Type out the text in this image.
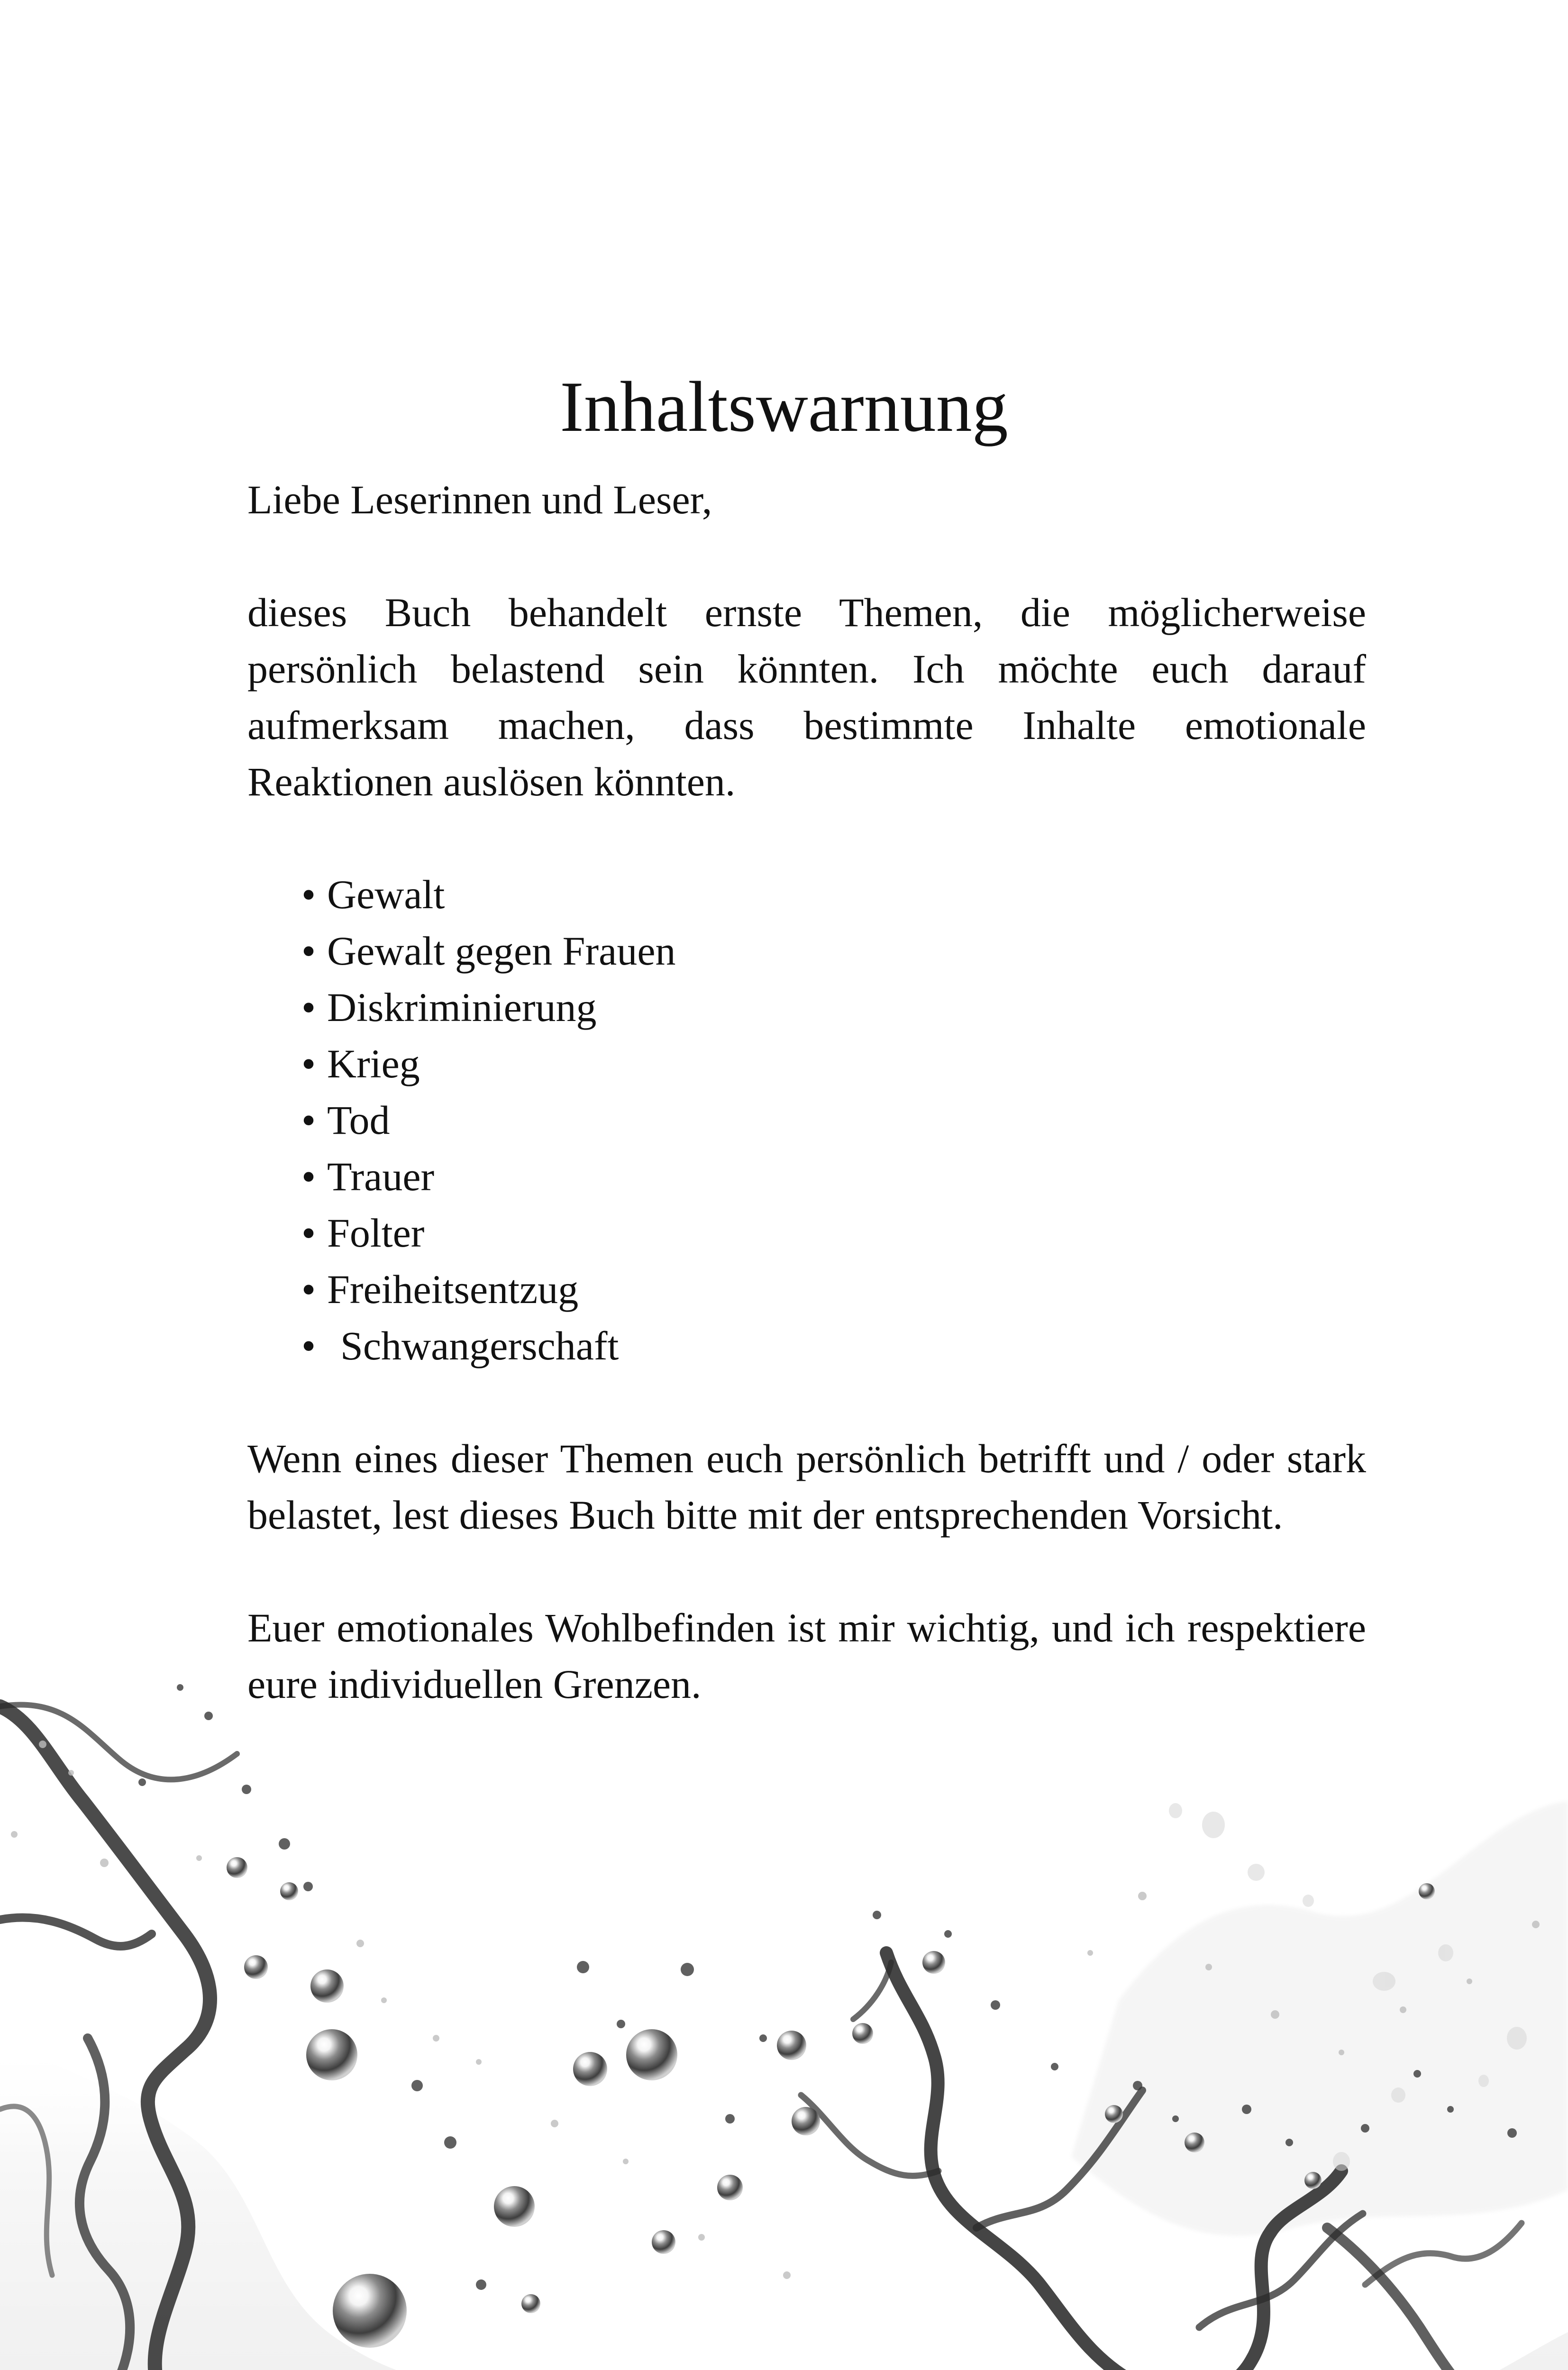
Inhaltswarnung

Liebe Leserinnen und Leser,

dieses Buch behandelt ernste Themen, die möglicherweise persönlich belastend sein könnten. Ich möchte euch darauf aufmerksam machen, dass bestimmte Inhalte emotionale Reaktionen auslösen könnten.

• Gewalt
• Gewalt gegen Frauen
• Diskriminierung
• Krieg
• Tod
• Trauer
• Folter
• Freiheitsentzug
• Schwangerschaft

Wenn eines dieser Themen euch persönlich betrifft und / oder stark belastet, lest dieses Buch bitte mit der entsprechenden Vorsicht.

Euer emotionales Wohlbefinden ist mir wichtig, und ich respektiere eure individuellen Grenzen.
